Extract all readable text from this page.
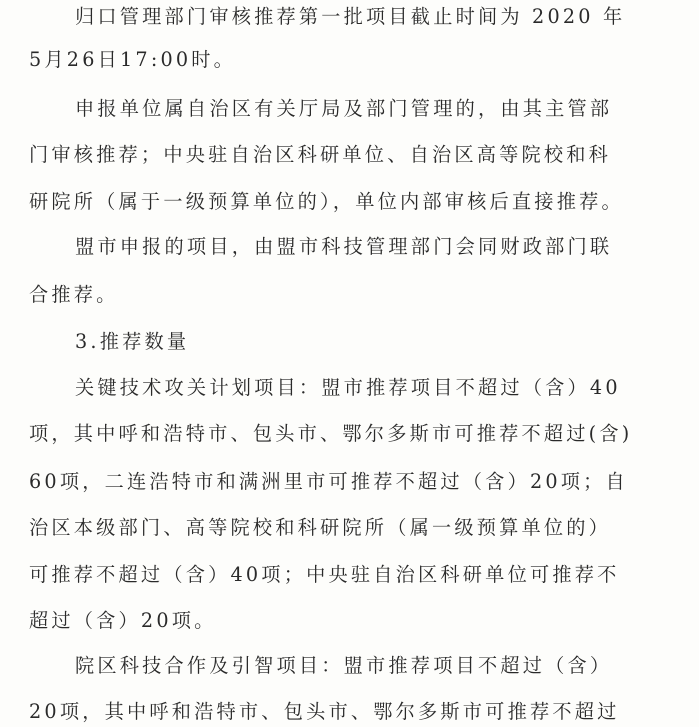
归口管理部门审核推荐第一批项目截止时间为 2020 年
5月26日17:00时。
申报单位属自治区有关厅局及部门管理的，由其主管部
门审核推荐；中央驻自治区科研单位、自治区高等院校和科
研院所（属于一级预算单位的），单位内部审核后直接推荐。
盟市申报的项目，由盟市科技管理部门会同财政部门联
合推荐。
3.推荐数量
关键技术攻关计划项目：盟市推荐项目不超过（含）40
项，其中呼和浩特市、包头市、鄂尔多斯市可推荐不超过(含)
60项，二连浩特市和满洲里市可推荐不超过（含）20项；自
治区本级部门、高等院校和科研院所（属一级预算单位的）
可推荐不超过（含）40项；中央驻自治区科研单位可推荐不
超过（含）20项。
院区科技合作及引智项目：盟市推荐项目不超过（含）
20项，其中呼和浩特市、包头市、鄂尔多斯市可推荐不超过
